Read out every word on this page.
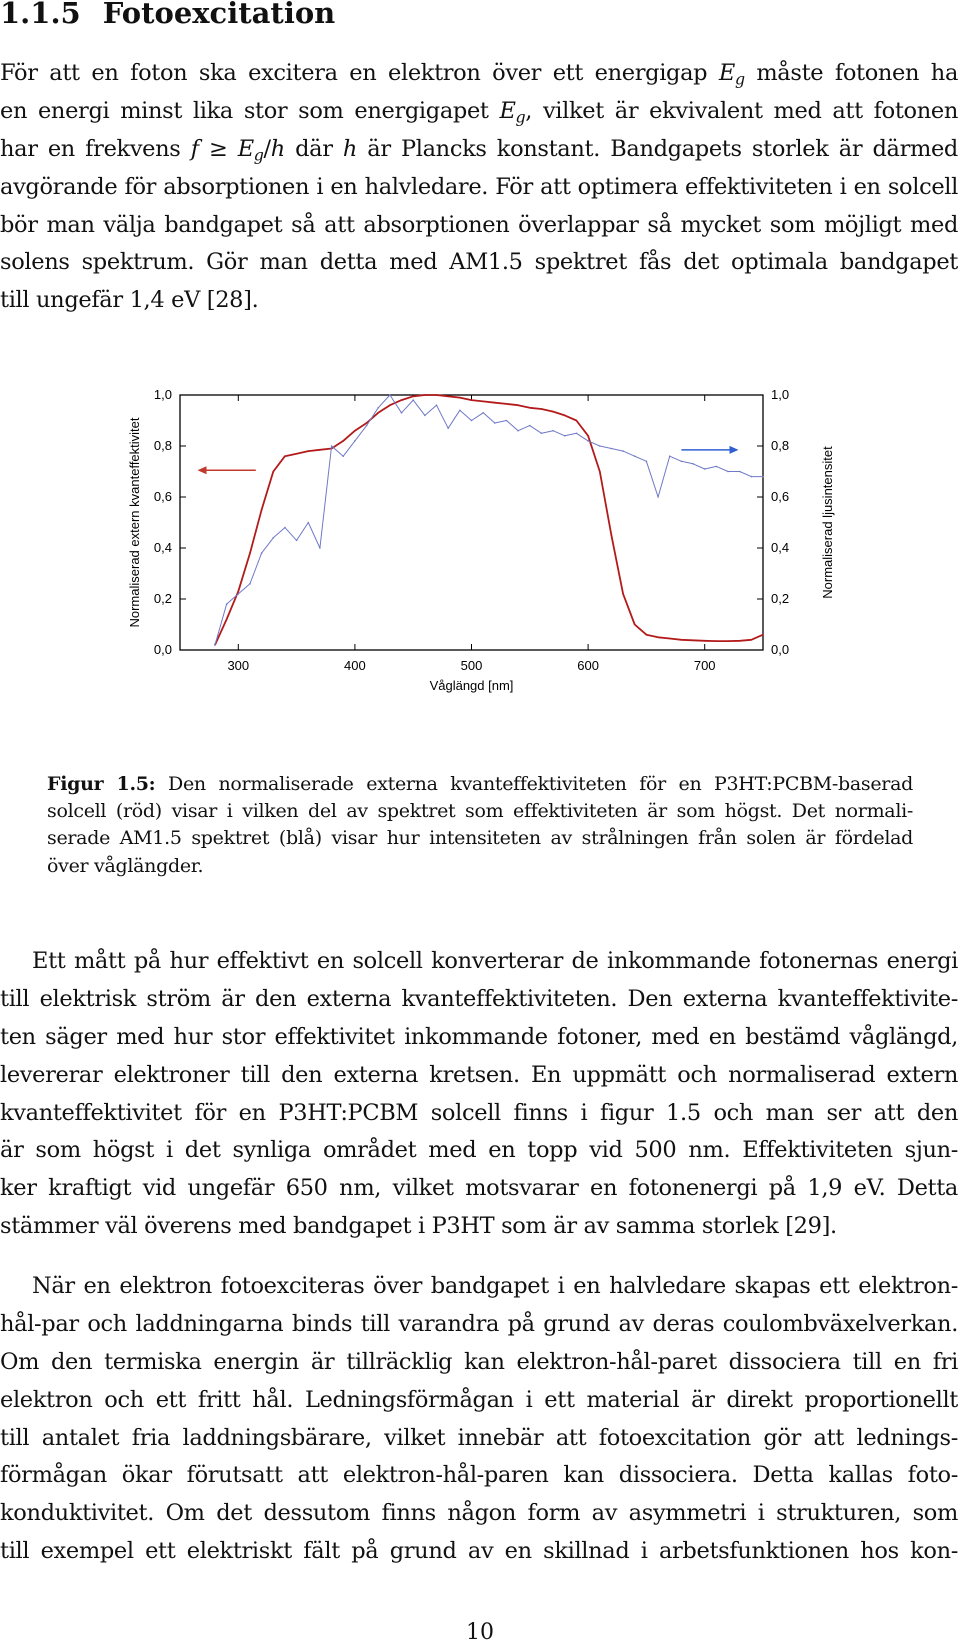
1.1.5 Fotoexcitation
För att en foton ska excitera en elektron över ett energigap $E_g$ måste fotonen ha
en energi minst lika stor som energigapet $E_g$, vilket är ekvivalent med att fotonen
har en frekvens $f \ge E_g/h$ där h är Plancks konstant. Bandgapets storlek är därmed
avgörande för absorptionen i en halvledare. För att optimera effektiviteten i en solcell
bör man välja bandgapet så att absorptionen överlappar så mycket som möjligt med
solens spektrum. Gör man detta med AM1.5 spektret fås det optimala bandgapet
till ungefär 1,4 eV [28].
300	400	500	600	700
0,0	0,0
0,2	0,2
0,4	0,4
0,6	0,6
0,8	0,8
1,0	1,0
Våglängd [nm]
Normaliserad extern kvanteffektivitet	Normaliserad ljusintensitet
Figur 1.5: Den normaliserade externa kvanteffektiviteten för en P3HT:PCBM-baserad
solcell (röd) visar i vilken del av spektret som effektiviteten är som högst. Det normali-
serade AM1.5 spektret (blå) visar hur intensiteten av strålningen från solen är fördelad
över våglängder.
Ett mått på hur effektivt en solcell konverterar de inkommande fotonernas energi
till elektrisk ström är den externa kvanteffektiviteten. Den externa kvanteffektivite-
ten säger med hur stor effektivitet inkommande fotoner, med en bestämd våglängd,
levererar elektroner till den externa kretsen. En uppmätt och normaliserad extern
kvanteffektivitet för en P3HT:PCBM solcell finns i figur 1.5 och man ser att den
är som högst i det synliga området med en topp vid 500 nm. Effektiviteten sjun-
ker kraftigt vid ungefär 650 nm, vilket motsvarar en fotonenergi på 1,9 eV. Detta
stämmer väl överens med bandgapet i P3HT som är av samma storlek [29].
När en elektron fotoexciteras över bandgapet i en halvledare skapas ett elektron-
hål-par och laddningarna binds till varandra på grund av deras coulombväxelverkan.
Om den termiska energin är tillräcklig kan elektron-hål-paret dissociera till en fri
elektron och ett fritt hål. Ledningsförmågan i ett material är direkt proportionellt
till antalet fria laddningsbärare, vilket innebär att fotoexcitation gör att lednings-
förmågan ökar förutsatt att elektron-hål-paren kan dissociera. Detta kallas foto-
konduktivitet. Om det dessutom finns någon form av asymmetri i strukturen, som
till exempel ett elektriskt fält på grund av en skillnad i arbetsfunktionen hos kon-
10
